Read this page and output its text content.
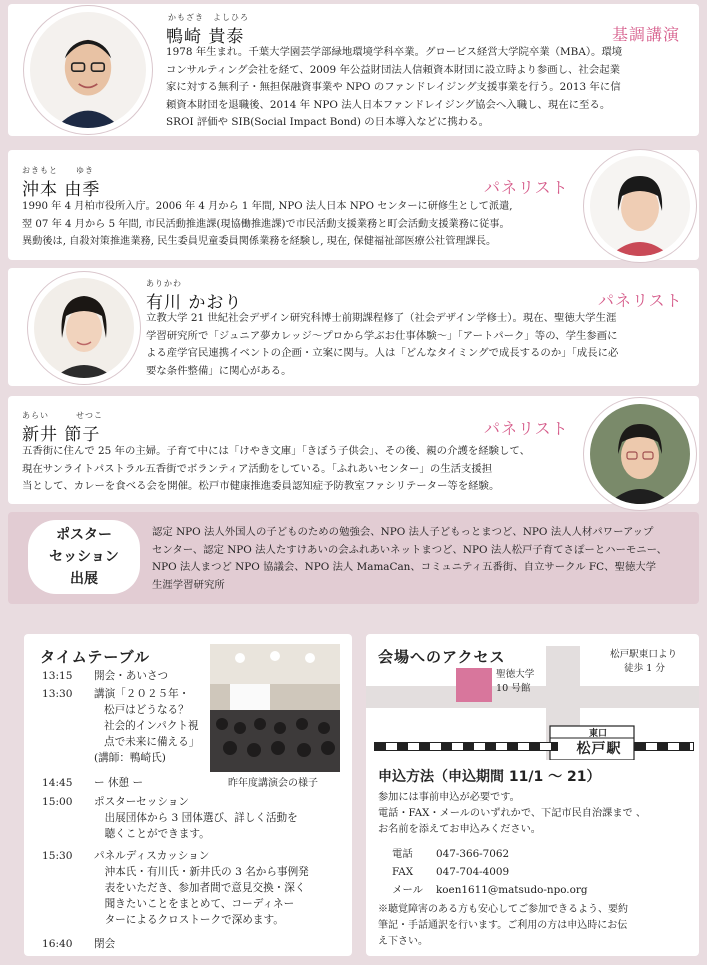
かもざき　よしひろ
鴨崎 貴泰	基調講演
1978 年生まれ。千葉大学園芸学部緑地環境学科卒業。グロービス経営大学院卒業（MBA）。環境
コンサルティング会社を経て、2009 年公益財団法人信頼資本財団に設立時より参画し、社会起業
家に対する無利子・無担保融資事業や NPO のファンドレイジング支援事業を行う。2013 年に信
頼資本財団を退職後、2014 年 NPO 法人日本ファンドレイジング協会へ入職し、現在に至る。
SROI 評価や SIB(Social Impact Bond) の日本導入などに携わる。
おきもと　　ゆき
沖本 由季	パネリスト
1990 年 4 月柏市役所入庁。2006 年 4 月から 1 年間, NPO 法人日本 NPO センターに研修生として派遣,
翌 07 年 4 月から 5 年間, 市民活動推進課(現協働推進課)で市民活動支援業務と町会活動支援業務に従事。
異動後は, 自殺対策推進業務, 民生委員児童委員関係業務を経験し, 現在, 保健福祉部医療公社管理課長。
ありかわ
有川 かおり	パネリスト
立教大学 21 世紀社会デザイン研究科博士前期課程修了（社会デザイン学修士）。現在、聖徳大学生涯
学習研究所で「ジュニア夢カレッジ～プロから学ぶお仕事体験～」「アートパーク」等の、学生参画に
よる産学官民連携イベントの企画・立案に関与。人は「どんなタイミングで成長するのか」「成長に必
要な条件整備」に関心がある。
あらい　　　せつこ
新井 節子	パネリスト
五香街に住んで 25 年の主婦。子育て中には「けやき文庫」「きぼう子供会」、その後、親の介護を経験して、
現在サンライトパストラル五香街でボランティア活動をしている。「ふれあいセンター」の生活支援担
当として、カレーを食べる会を開催。松戸市健康推進委員認知症予防教室ファシリテーター等を経験。
ポスター
セッション
出展
認定 NPO 法人外国人の子どものための勉強会、NPO 法人子どもっとまつど、NPO 法人人材パワーアップ
センター、認定 NPO 法人たすけあいの会ふれあいネットまつど、NPO 法人松戸子育てさぽーとハーモニー、
NPO 法人まつど NPO 協議会、NPO 法人 MamaCan、コミュニティ五番街、自立サークル FC、聖徳大学
生涯学習研究所
タイムテーブル
昨年度講演会の様子
13:15 開会・あいさつ
13:30 講演「２０２５年・
松戸はどうなる？
社会的インパクト視
点で未来に備える」
(講師：鴨崎氏)
14:45 ー 休憩 ー
15:00 ポスターセッション
　出展団体から 3 団体選び、詳しく活動を
　聴くことができます。
15:30 パネルディスカッション
　沖本氏・有川氏・新井氏の 3 名から事例発
　表をいただき、参加者間で意見交換・深く
　聞きたいことをまとめて、コーディネー
　ターによるクロストークで深めます。
16:40 閉会
会場へのアクセス
聖徳大学
10 号館
松戸駅東口より
徒歩 1 分
東口
松戸駅
申込方法（申込期間 11/1 ～ 21）
参加には事前申込が必要です。
電話・FAX・メールのいずれかで、下記市民自治課まで 、
お名前を添えてお申込みください。
電話 047-366-7062
FAX 047-704-4009
メール koen1611@matsudo-npo.org
※聴覚障害のある方も安心してご参加できるよう、要約
筆記・手話通訳を行います。ご利用の方は申込時にお伝
え下さい。
